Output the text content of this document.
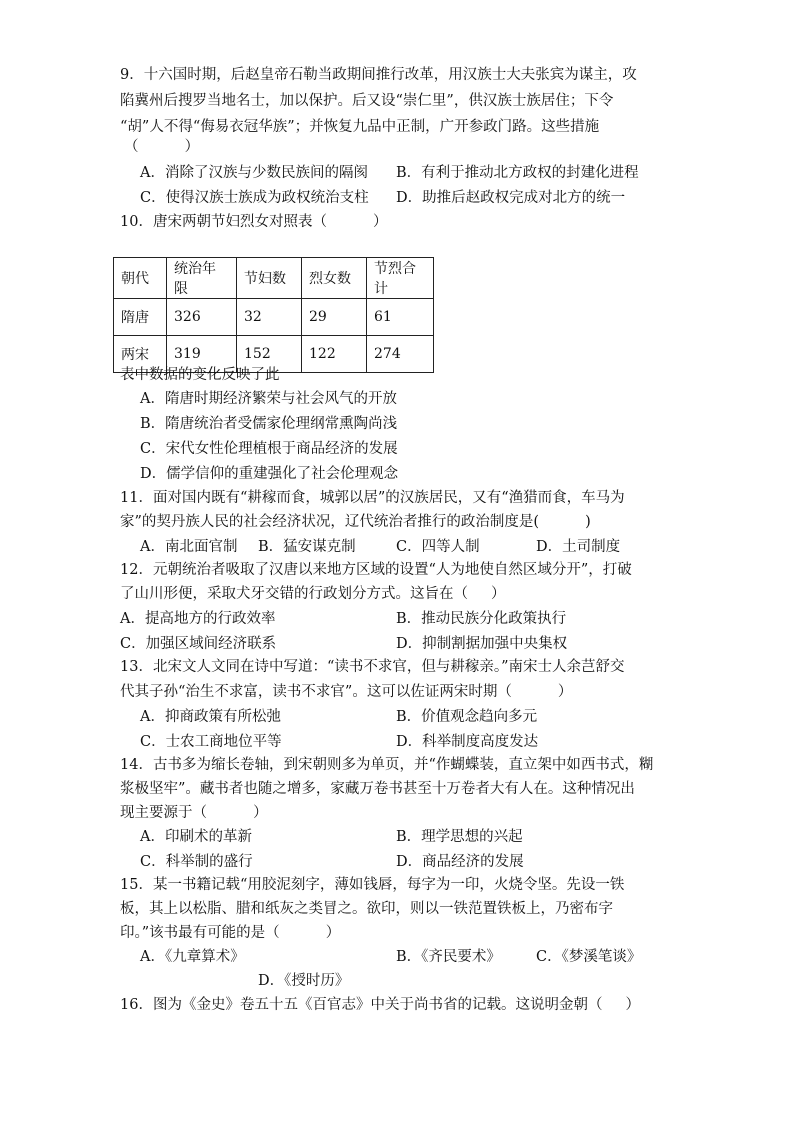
9．十六国时期，后赵皇帝石勒当政期间推行改革，用汉族士大夫张宾为谋主，攻
陷冀州后搜罗当地名士，加以保护。后又设“崇仁里”，供汉族士族居住；下令
“胡”人不得“侮易衣冠华族”；并恢复九品中正制，广开参政门路。这些措施
（          ）
A．消除了汉族与少数民族间的隔阂 B．有利于推动北方政权的封建化进程
C．使得汉族士族成为政权统治支柱 D．助推后赵政权完成对北方的统一
10．唐宋两朝节妇烈女对照表（          ）
朝代	统治年限	节妇数	烈女数	节烈合计
隋唐	326	32	29	61
两宋	319	152	122	274
表中数据的变化反映了此
A．隋唐时期经济繁荣与社会风气的开放
B．隋唐统治者受儒家伦理纲常熏陶尚浅
C．宋代女性伦理植根于商品经济的发展
D．儒学信仰的重建强化了社会伦理观念
11．面对国内既有“耕稼而食，城郭以居”的汉族居民，又有“渔猎而食，车马为
家”的契丹族人民的社会经济状况，辽代统治者推行的政治制度是(          )
A．南北面官制 B．猛安谋克制	C．四等人制	D．土司制度
12．元朝统治者吸取了汉唐以来地方区域的设置“人为地使自然区域分开”，打破
了山川形便，采取犬牙交错的行政划分方式。这旨在（     ）
A．提高地方的行政效率	B．推动民族分化政策执行
C．加强区域间经济联系	D．抑制割据加强中央集权
13．北宋文人文同在诗中写道：“读书不求官，但与耕稼亲。”南宋士人余芑舒交
代其子孙“治生不求富，读书不求官”。这可以佐证两宋时期（          ）
A．抑商政策有所松弛	B．价值观念趋向多元
C．士农工商地位平等	D．科举制度高度发达
14．古书多为缩长卷轴，到宋朝则多为单页，并“作蝴蝶装，直立架中如西书式，糊
浆极坚牢”。藏书者也随之增多，家藏万卷书甚至十万卷者大有人在。这种情况出
现主要源于（          ）
A．印刷术的革新	B．理学思想的兴起
C．科举制的盛行	D．商品经济的发展
15．某一书籍记载“用胶泥刻字，薄如钱唇，每字为一印，火烧令坚。先设一铁
板，其上以松脂、腊和纸灰之类冒之。欲印，则以一铁范置铁板上，乃密布字
印。”该书最有可能的是（          ）
A．《九章算术》	B．《齐民要术》 C．《梦溪笔谈》
D．《授时历》
16．图为《金史》卷五十五《百官志》中关于尚书省的记载。这说明金朝（     ）
